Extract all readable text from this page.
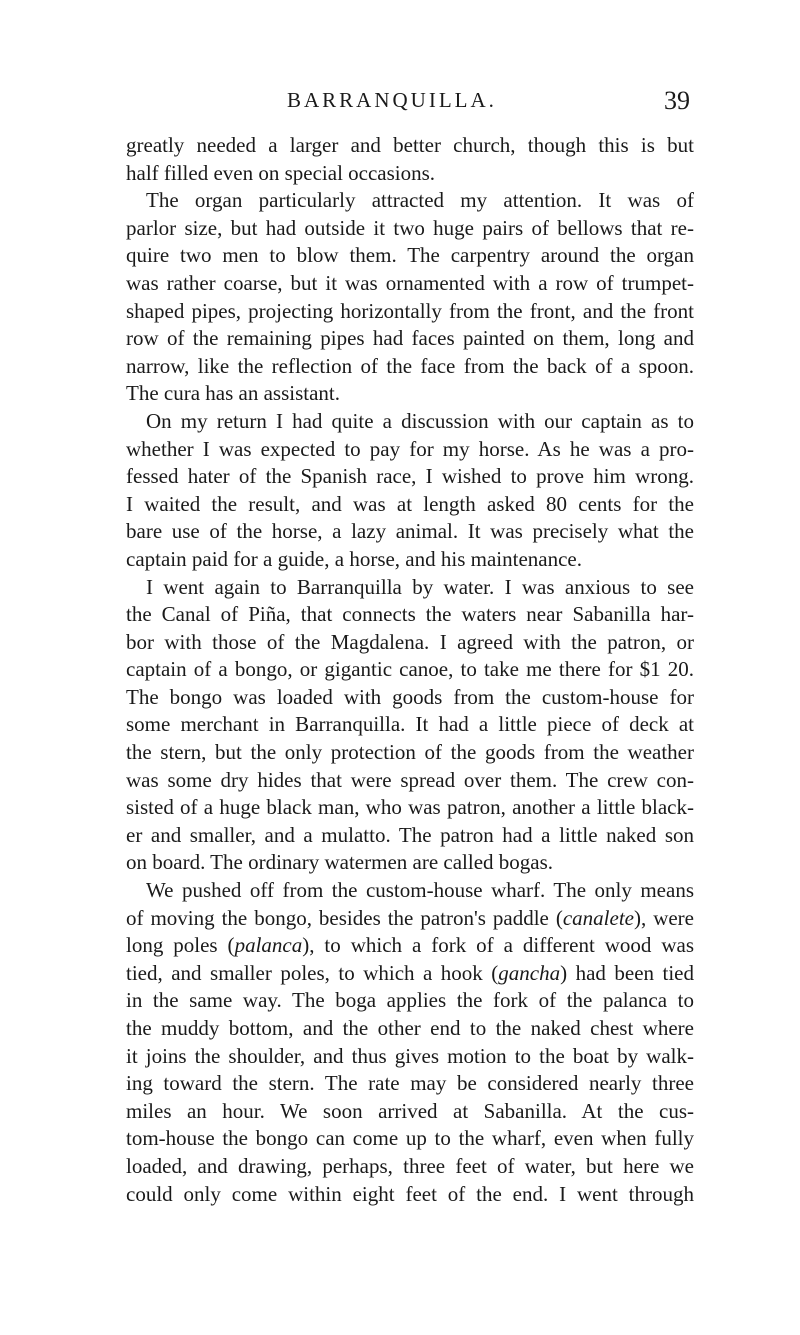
BARRANQUILLA.	39
greatly needed a larger and better church, though this is but
half filled even on special occasions.
The organ particularly attracted my attention. It was of
parlor size, but had outside it two huge pairs of bellows that re-
quire two men to blow them. The carpentry around the organ
was rather coarse, but it was ornamented with a row of trumpet-
shaped pipes, projecting horizontally from the front, and the front
row of the remaining pipes had faces painted on them, long and
narrow, like the reflection of the face from the back of a spoon.
The cura has an assistant.
On my return I had quite a discussion with our captain as to
whether I was expected to pay for my horse. As he was a pro-
fessed hater of the Spanish race, I wished to prove him wrong.
I waited the result, and was at length asked 80 cents for the
bare use of the horse, a lazy animal. It was precisely what the
captain paid for a guide, a horse, and his maintenance.
I went again to Barranquilla by water. I was anxious to see
the Canal of Piña, that connects the waters near Sabanilla har-
bor with those of the Magdalena. I agreed with the patron, or
captain of a bongo, or gigantic canoe, to take me there for $1 20.
The bongo was loaded with goods from the custom-house for
some merchant in Barranquilla. It had a little piece of deck at
the stern, but the only protection of the goods from the weather
was some dry hides that were spread over them. The crew con-
sisted of a huge black man, who was patron, another a little black-
er and smaller, and a mulatto. The patron had a little naked son
on board. The ordinary watermen are called bogas.
We pushed off from the custom-house wharf. The only means
of moving the bongo, besides the patron's paddle (canalete), were
long poles (palanca), to which a fork of a different wood was
tied, and smaller poles, to which a hook (gancha) had been tied
in the same way. The boga applies the fork of the palanca to
the muddy bottom, and the other end to the naked chest where
it joins the shoulder, and thus gives motion to the boat by walk-
ing toward the stern. The rate may be considered nearly three
miles an hour. We soon arrived at Sabanilla. At the cus-
tom-house the bongo can come up to the wharf, even when fully
loaded, and drawing, perhaps, three feet of water, but here we
could only come within eight feet of the end. I went through
